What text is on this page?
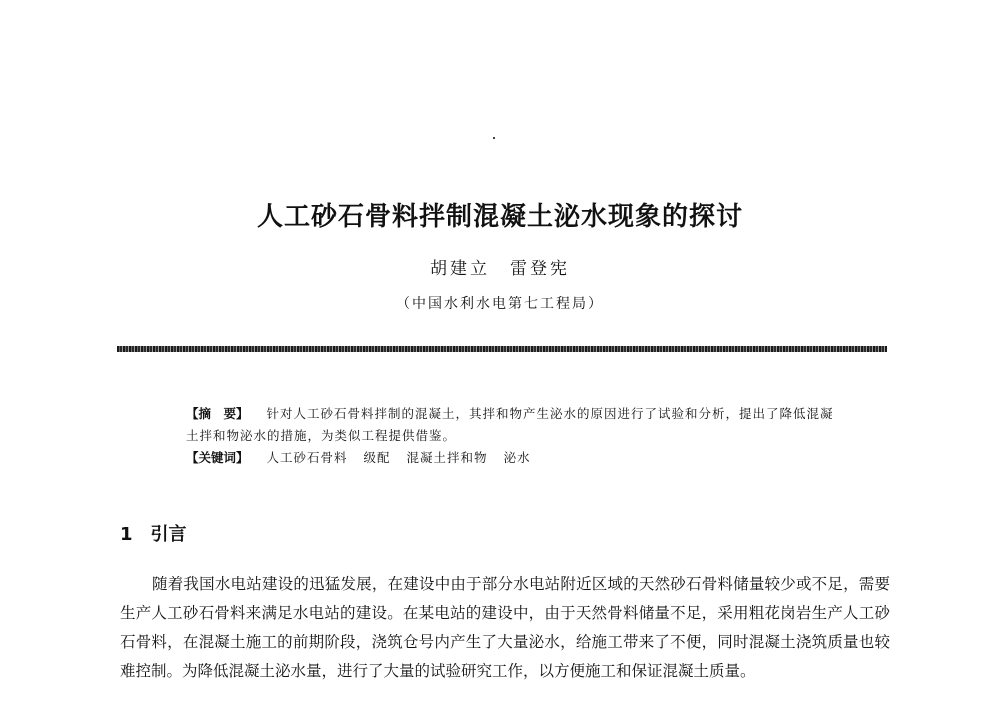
人工砂石骨料拌制混凝土泌水现象的探讨
胡建立　雷登宪
（中国水利水电第七工程局）
【摘　要】 针对人工砂石骨料拌制的混凝土，其拌和物产生泌水的原因进行了试验和分析，提出了降低混凝土拌和物泌水的措施，为类似工程提供借鉴。
【关键词】 人工砂石骨料 级配 混凝土拌和物 泌水
1 引言
随着我国水电站建设的迅猛发展，在建设中由于部分水电站附近区域的天然砂石骨料储量较少或不足，需要生产人工砂石骨料来满足水电站的建设。在某电站的建设中，由于天然骨料储量不足，采用粗花岗岩生产人工砂石骨料，在混凝土施工的前期阶段，浇筑仓号内产生了大量泌水，给施工带来了不便，同时混凝土浇筑质量也较难控制。为降低混凝土泌水量，进行了大量的试验研究工作，以方便施工和保证混凝土质量。
